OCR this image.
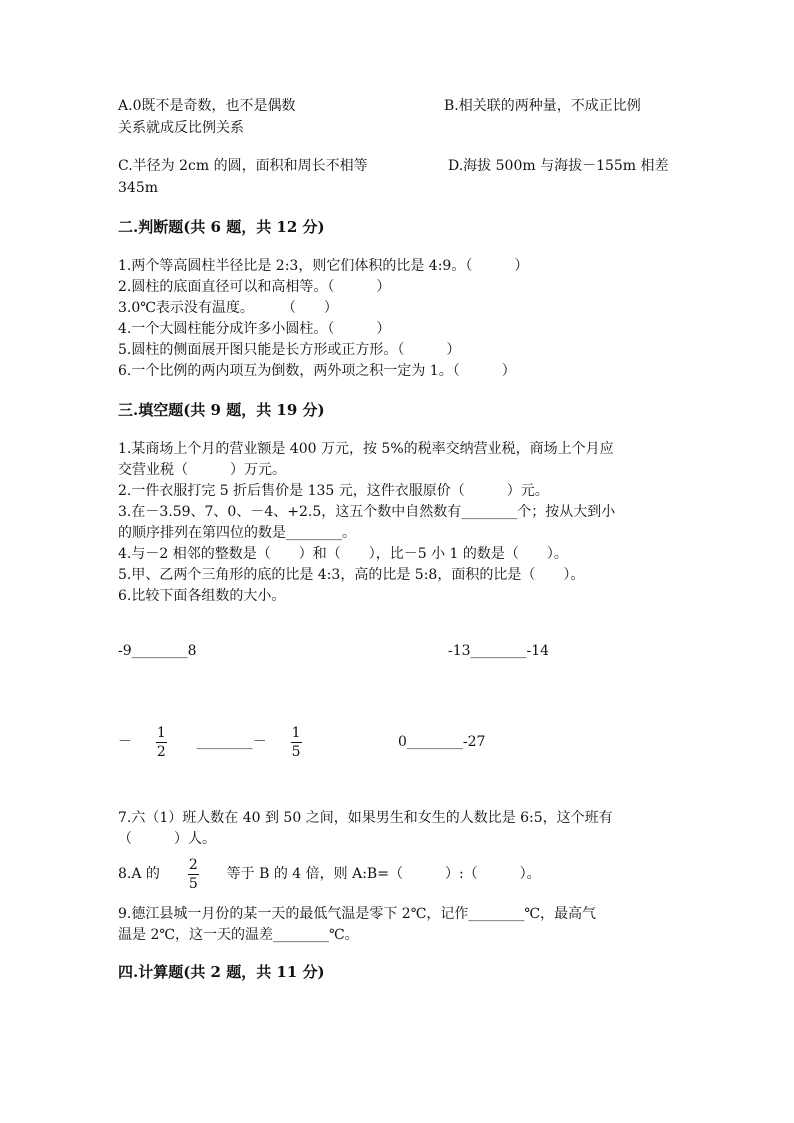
A.0既不是奇数，也不是偶数	B.相关联的两种量，不成正比例
关系就成反比例关系
C.半径为 2cm 的圆，面积和周长不相等	D.海拔 500m 与海拔－155m 相差
345m
二.判断题(共 6 题，共 12 分)
1.两个等高圆柱半径比是 2:3，则它们体积的比是 4:9。（　　　）
2.圆柱的底面直径可以和高相等。（　　　）
3.0℃表示没有温度。　　　（　　）
4.一个大圆柱能分成许多小圆柱。（　　　）
5.圆柱的侧面展开图只能是长方形或正方形。（　　　）
6.一个比例的两内项互为倒数，两外项之积一定为 1。（　　　）
三.填空题(共 9 题，共 19 分)
1.某商场上个月的营业额是 400 万元，按 5%的税率交纳营业税，商场上个月应
交营业税（　　　）万元。
2.一件衣服打完 5 折后售价是 135 元，这件衣服原价（　　　）元。
3.在－3.59、7、0、－4、+2.5，这五个数中自然数有________个；按从大到小
的顺序排列在第四位的数是________。
4.与－2 相邻的整数是（　　）和（　　），比－5 小 1 的数是（　　）。
5.甲、乙两个三角形的底的比是 4:3，高的比是 5:8，面积的比是（　　）。
6.比较下面各组数的大小。
-9________8	-13________-14
－ $\frac{1}{2}$ ________－ $\frac{1}{5}$	0________-27
7.六（1）班人数在 40 到 50 之间，如果男生和女生的人数比是 6:5，这个班有
（　　　）人。
8.A 的 $\frac{2}{5}$ 等于 B 的 4 倍，则 A:B=（　　　）:（　　　）。
9.德江县城一月份的某一天的最低气温是零下 2℃，记作________℃，最高气
温是 2℃，这一天的温差________℃。
四.计算题(共 2 题，共 11 分)
